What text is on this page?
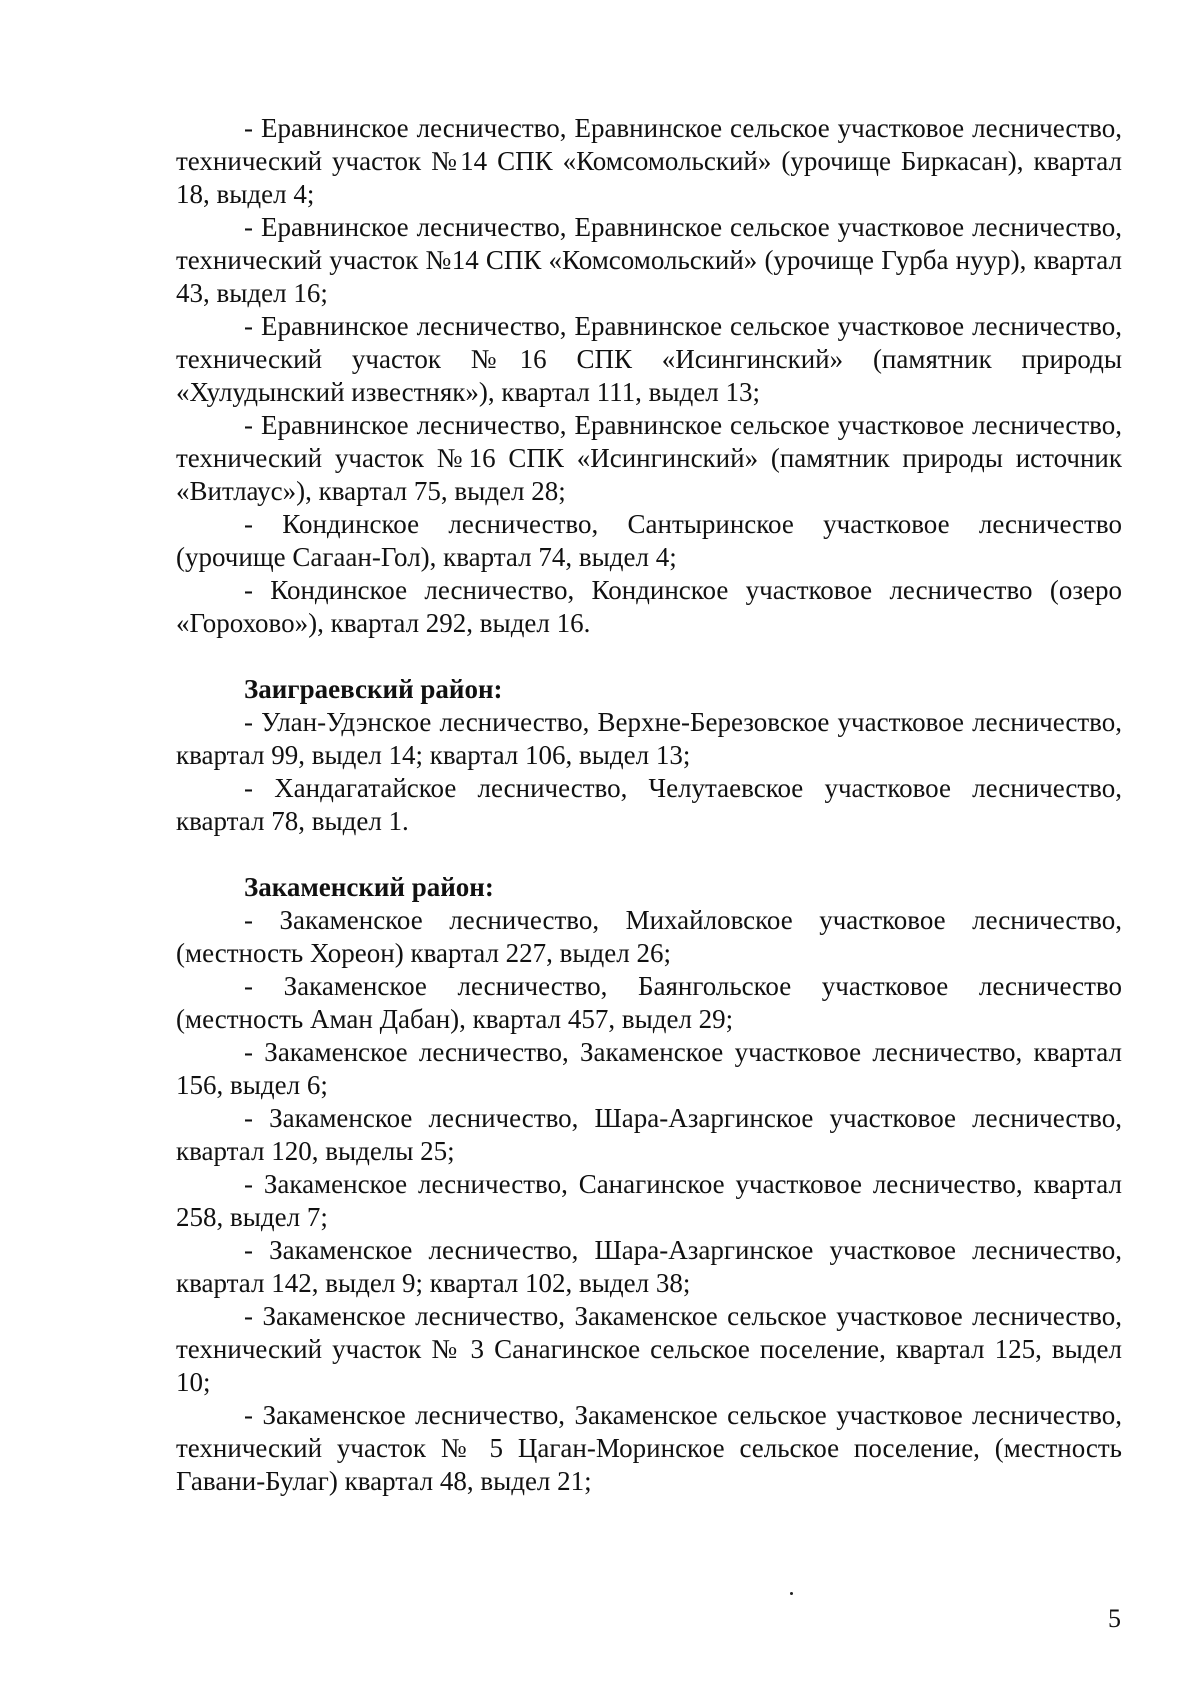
- Еравнинское лесничество, Еравнинское сельское участковое лесничество, технический участок №14 СПК «Комсомольский» (урочище Биркасан), квартал 18, выдел 4;

- Еравнинское лесничество, Еравнинское сельское участковое лесничество, технический участок №14 СПК «Комсомольский» (урочище Гурба нуур), квартал 43, выдел 16;

- Еравнинское лесничество, Еравнинское сельское участковое лесничество, технический участок №16 СПК «Исингинский» (памятник природы «Хулудынский известняк»), квартал 111, выдел 13;

- Еравнинское лесничество, Еравнинское сельское участковое лесничество, технический участок №16 СПК «Исингинский» (памятник природы источник «Витлаус»), квартал 75, выдел 28;

- Кондинское лесничество, Сантыринское участковое лесничество (урочище Сагаан-Гол), квартал 74, выдел 4;

- Кондинское лесничество, Кондинское участковое лесничество (озеро «Горохово»), квартал 292, выдел 16.

Заиграевский район:

- Улан-Удэнское лесничество, Верхне-Березовское участковое лесничество, квартал 99, выдел 14; квартал 106, выдел 13;

- Хандагатайское лесничество, Челутаевское участковое лесничество, квартал 78, выдел 1.

Закаменский район:

- Закаменское лесничество, Михайловское участковое лесничество, (местность Хореон) квартал 227, выдел 26;

- Закаменское лесничество, Баянгольское участковое лесничество (местность Аман Дабан), квартал 457, выдел 29;

- Закаменское лесничество, Закаменское участковое лесничество, квартал 156, выдел 6;

- Закаменское лесничество, Шара-Азаргинское участковое лесничество, квартал 120, выделы 25;

- Закаменское лесничество, Санагинское участковое лесничество, квартал 258, выдел 7;

- Закаменское лесничество, Шара-Азаргинское участковое лесничество, квартал 142, выдел 9; квартал 102, выдел 38;

- Закаменское лесничество, Закаменское сельское участковое лесничество, технический участок № 3 Санагинское сельское поселение, квартал 125, выдел 10;

- Закаменское лесничество, Закаменское сельское участковое лесничество, технический участок № 5 Цаган-Моринское сельское поселение, (местность Гавани-Булаг) квартал 48, выдел 21;

5
